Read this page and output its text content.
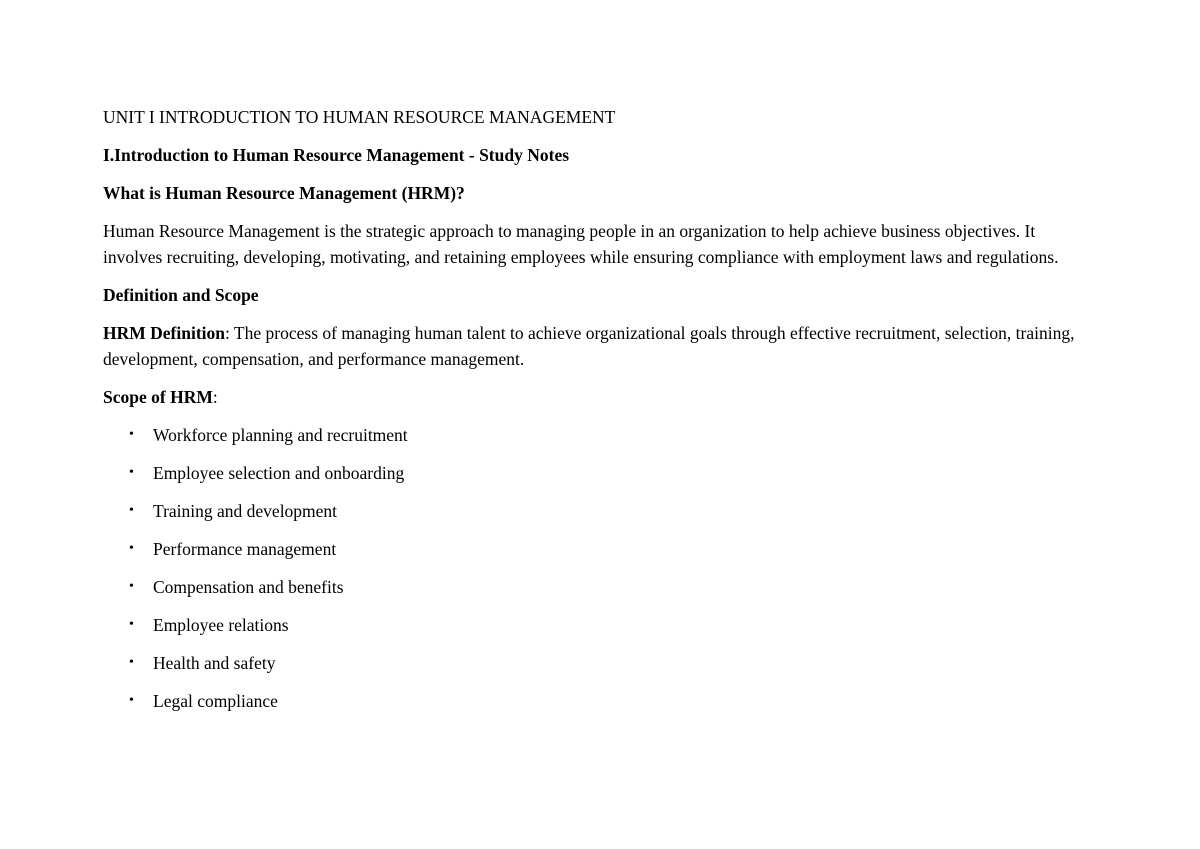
UNIT I INTRODUCTION TO HUMAN RESOURCE MANAGEMENT

I.Introduction to Human Resource Management - Study Notes

What is Human Resource Management (HRM)?

Human Resource Management is the strategic approach to managing people in an organization to help achieve business objectives. It involves recruiting, developing, motivating, and retaining employees while ensuring compliance with employment laws and regulations.

Definition and Scope

HRM Definition: The process of managing human talent to achieve organizational goals through effective recruitment, selection, training, development, compensation, and performance management.

Scope of HRM:

• Workforce planning and recruitment
• Employee selection and onboarding
• Training and development
• Performance management
• Compensation and benefits
• Employee relations
• Health and safety
• Legal compliance
